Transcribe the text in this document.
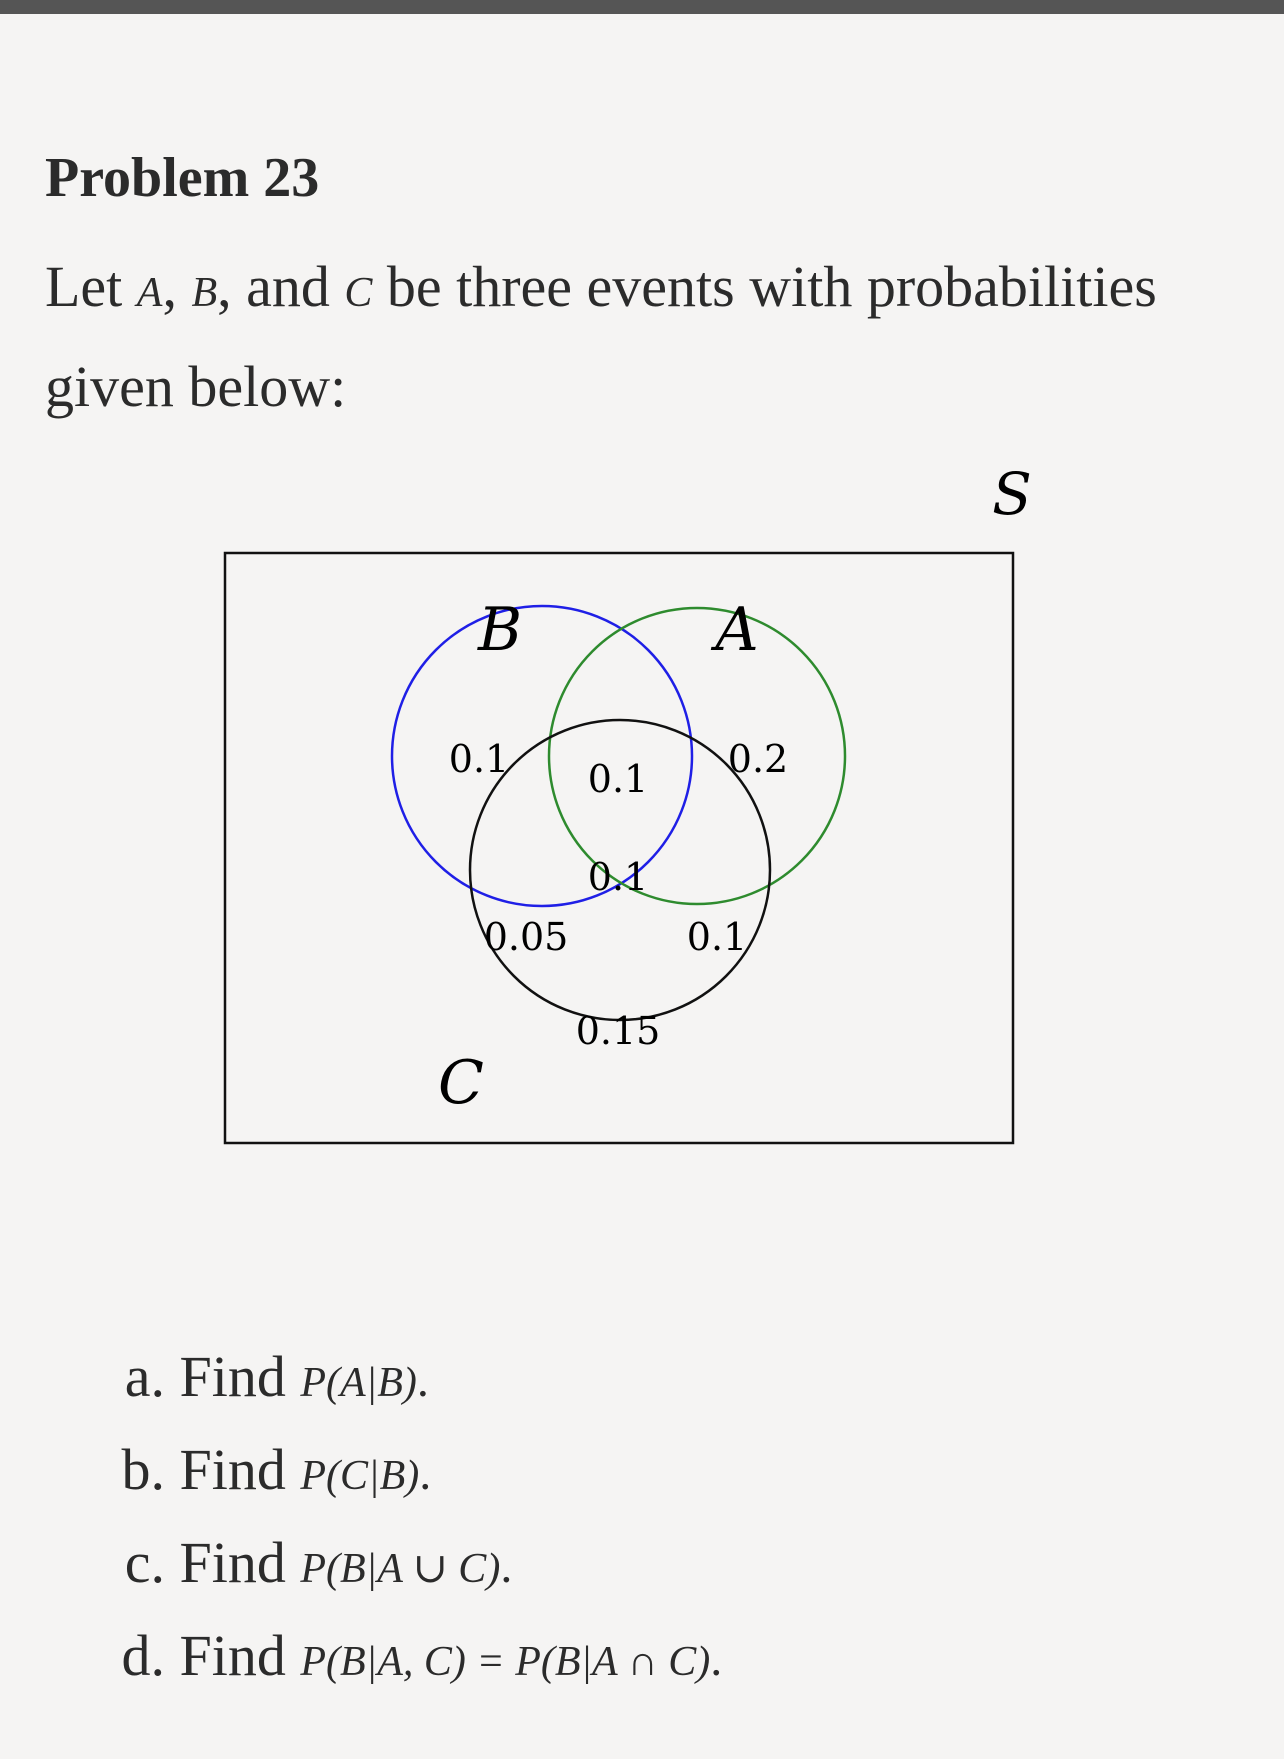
Problem 23

Let A, B, and C be three events with probabilities given below:

S
B	A
C
0.1 0.1 0.2
0.1
0.05	0.1
0.15
a. Find P(A|B).
b. Find P(C|B).
c. Find P(B|A ∪ C).
d. Find P(B|A, C) = P(B|A ∩ C).
